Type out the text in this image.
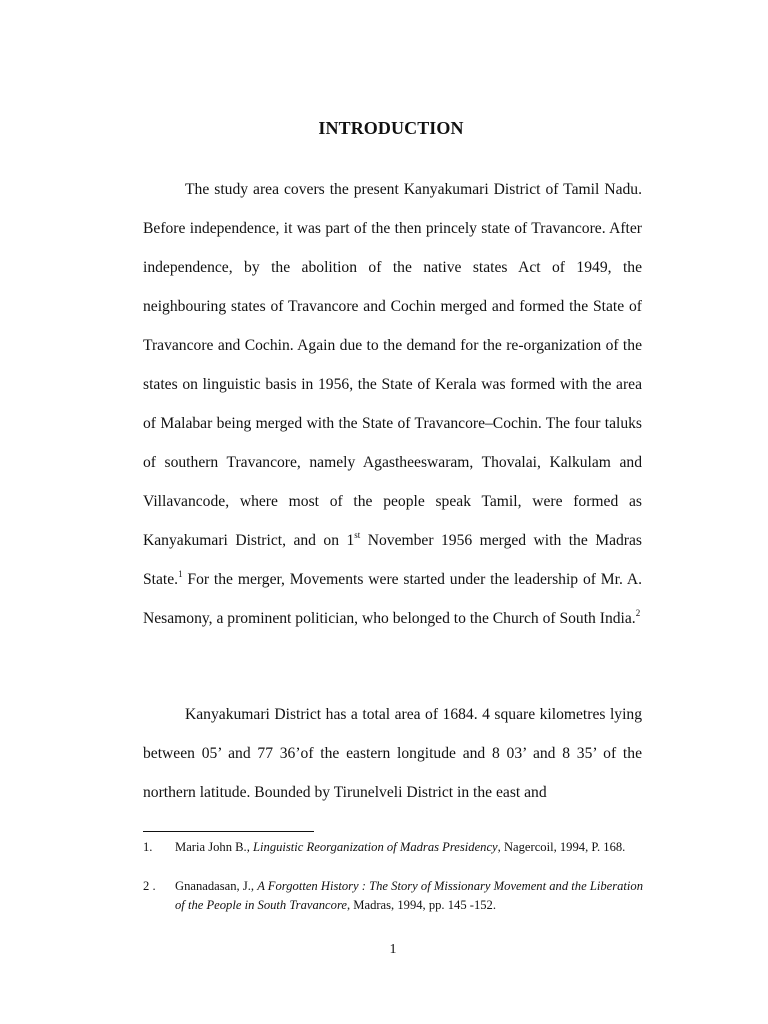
INTRODUCTION

The study area covers the present Kanyakumari District of Tamil Nadu. Before independence, it was part of the then princely state of Travancore. After independence, by the abolition of the native states Act of 1949, the neighbouring states of Travancore and Cochin merged and formed the State of Travancore and Cochin. Again due to the demand for the re-organization of the states on linguistic basis in 1956, the State of Kerala was formed with the area of Malabar being merged with the State of Travancore–Cochin. The four taluks of southern Travancore, namely Agastheeswaram, Thovalai, Kalkulam and Villavancode, where most of the people speak Tamil, were formed as Kanyakumari District, and on 1st November 1956 merged with the Madras State.$^1$ For the merger, Movements were started under the leadership of Mr. A. Nesamony, a prominent politician, who belonged to the Church of South India.$^2$

Kanyakumari District has a total area of 1684. 4 square kilometres lying between 05’ and 77 36’of the eastern longitude and 8 03’ and 8 35’ of the northern latitude. Bounded by Tirunelveli District in the east and

1. Maria John B., Linguistic Reorganization of Madras Presidency, Nagercoil, 1994, P. 168.
2 . Gnanadasan, J., A Forgotten History : The Story of Missionary Movement and the Liberation of the People in South Travancore, Madras, 1994, pp. 145 -152.
1
